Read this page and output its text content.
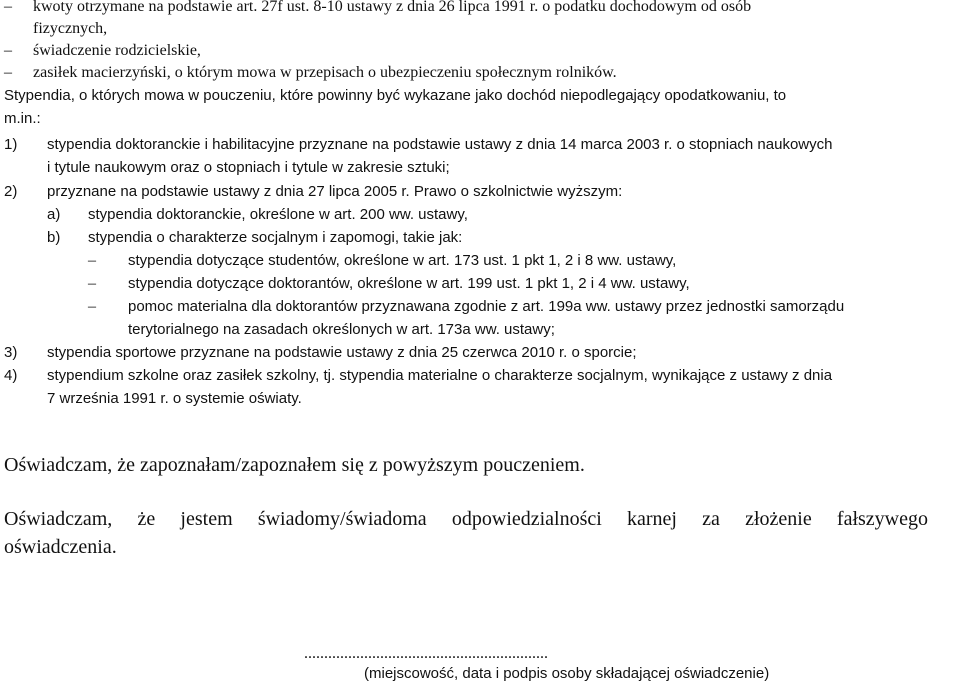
– kwoty otrzymane na podstawie art. 27f ust. 8-10 ustawy z dnia 26 lipca 1991 r. o podatku dochodowym od osób
fizycznych,
– świadczenie rodzicielskie,
– zasiłek macierzyński, o którym mowa w przepisach o ubezpieczeniu społecznym rolników.
Stypendia, o których mowa w pouczeniu, które powinny być wykazane jako dochód niepodlegający opodatkowaniu, to
m.in.:
1) stypendia doktoranckie i habilitacyjne przyznane na podstawie ustawy z dnia 14 marca 2003 r. o stopniach naukowych
i tytule naukowym oraz o stopniach i tytule w zakresie sztuki;
2) przyznane na podstawie ustawy z dnia 27 lipca 2005 r. Prawo o szkolnictwie wyższym:
a) stypendia doktoranckie, określone w art. 200 ww. ustawy,
b) stypendia o charakterze socjalnym i zapomogi, takie jak:
– stypendia dotyczące studentów, określone w art. 173 ust. 1 pkt 1, 2 i 8 ww. ustawy,
– stypendia dotyczące doktorantów, określone w art. 199 ust. 1 pkt 1, 2 i 4 ww. ustawy,
– pomoc materialna dla doktorantów przyznawana zgodnie z art. 199a ww. ustawy przez jednostki samorządu
terytorialnego na zasadach określonych w art. 173a ww. ustawy;
3) stypendia sportowe przyznane na podstawie ustawy z dnia 25 czerwca 2010 r. o sporcie;
4) stypendium szkolne oraz zasiłek szkolny, tj. stypendia materialne o charakterze socjalnym, wynikające z ustawy z dnia
7 września 1991 r. o systemie oświaty.
Oświadczam, że zapoznałam/zapoznałem się z powyższym pouczeniem.
Oświadczam, że jestem świadomy/świadoma odpowiedzialności karnej za złożenie fałszywego
oświadczenia.
.............................................................
(miejscowość, data i podpis osoby składającej oświadczenie)
